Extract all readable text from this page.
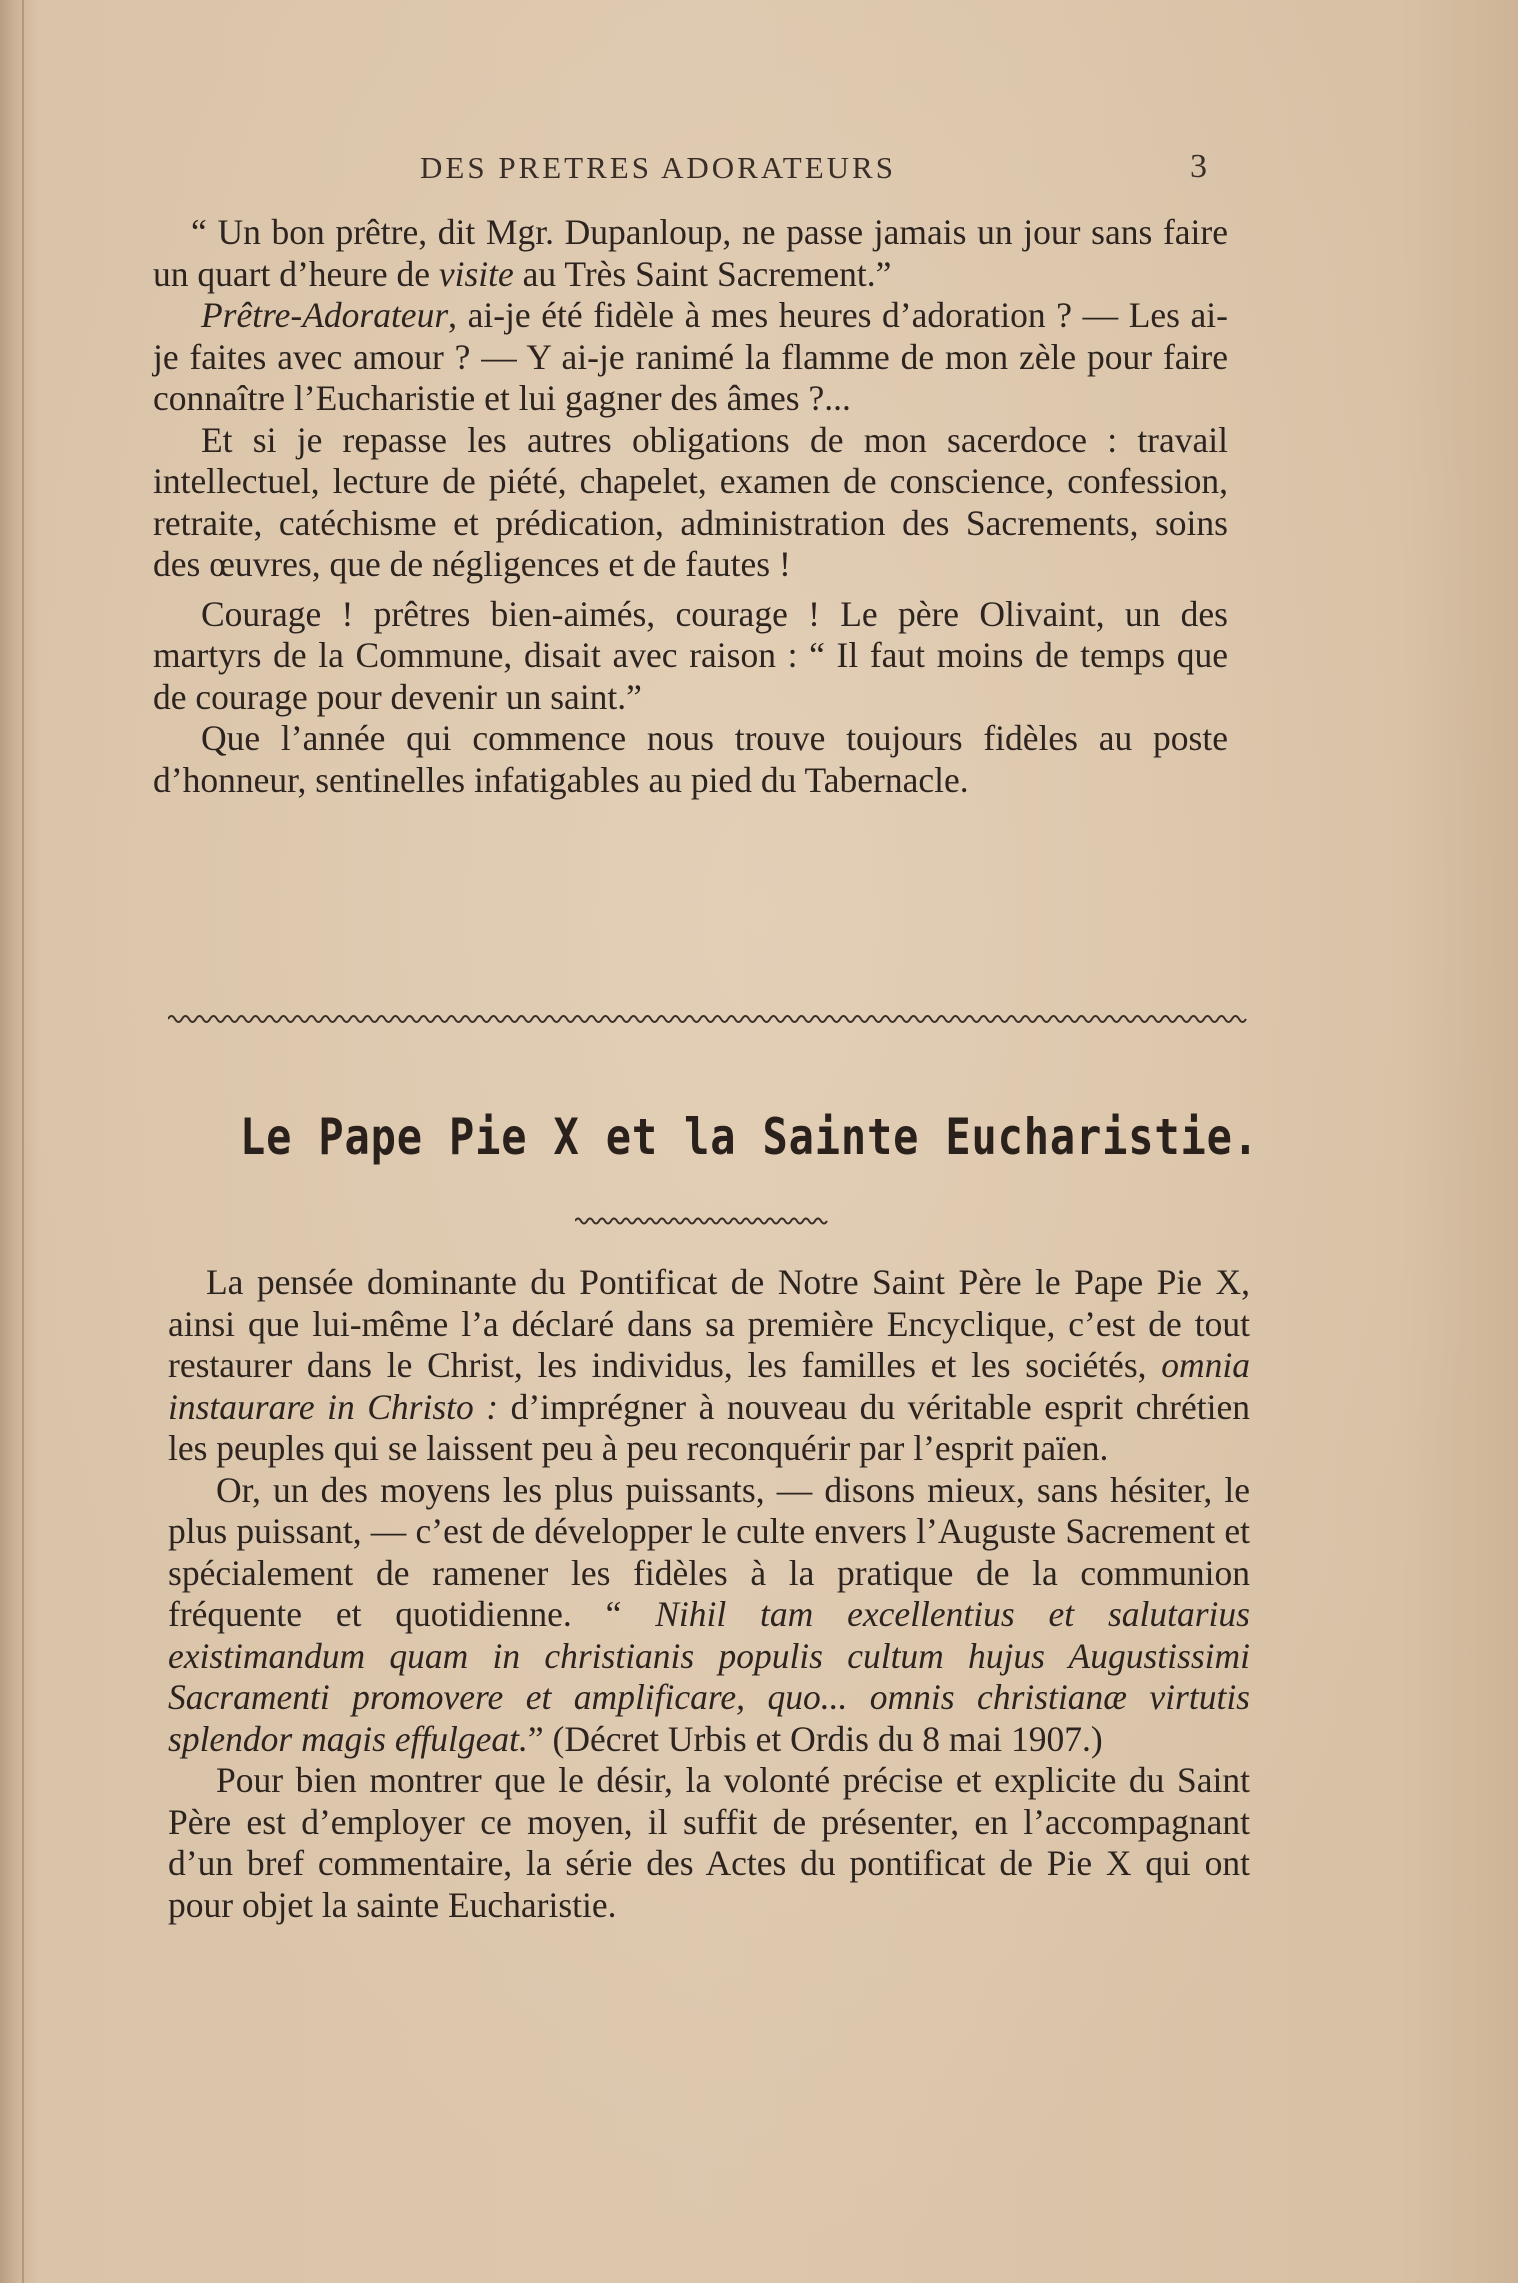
DES PRETRES ADORATEURS	3

“ Un bon prêtre, dit Mgr. Dupanloup, ne passe jamais un jour sans faire un quart d’heure de visite au Très Saint Sacrement.”

Prêtre-Adorateur, ai-je été fidèle à mes heures d’adoration ? — Les ai-je faites avec amour ? — Y ai-je ranimé la flamme de mon zèle pour faire connaître l’Eucharistie et lui gagner des âmes ?...

Et si je repasse les autres obligations de mon sacerdoce : travail intellectuel, lecture de piété, chapelet, examen de conscience, confession, retraite, catéchisme et prédication, administration des Sacrements, soins des œuvres, que de négligences et de fautes !

Courage ! prêtres bien-aimés, courage ! Le père Olivaint, un des martyrs de la Commune, disait avec raison : “ Il faut moins de temps que de courage pour devenir un saint.”

Que l’année qui commence nous trouve toujours fidèles au poste d’honneur, sentinelles infatigables au pied du Tabernacle.

Le Pape Pie X et la Sainte Eucharistie.

La pensée dominante du Pontificat de Notre Saint Père le Pape Pie X, ainsi que lui-même l’a déclaré dans sa première Encyclique, c’est de tout restaurer dans le Christ, les individus, les familles et les sociétés, omnia instaurare in Christo : d’imprégner à nouveau du véritable esprit chrétien les peuples qui se laissent peu à peu reconquérir par l’esprit païen.

Or, un des moyens les plus puissants, — disons mieux, sans hésiter, le plus puissant, — c’est de développer le culte envers l’Auguste Sacrement et spécialement de ramener les fidèles à la pratique de la communion fréquente et quotidienne. “ Nihil tam excellentius et salutarius existimandum quam in christianis populis cultum hujus Augustissimi Sacramenti promovere et amplificare, quo... omnis christianæ virtutis splendor magis effulgeat.” (Décret Urbis et Ordis du 8 mai 1907.)

Pour bien montrer que le désir, la volonté précise et explicite du Saint Père est d’employer ce moyen, il suffit de présenter, en l’accompagnant d’un bref commentaire, la série des Actes du pontificat de Pie X qui ont pour objet la sainte Eucharistie.
